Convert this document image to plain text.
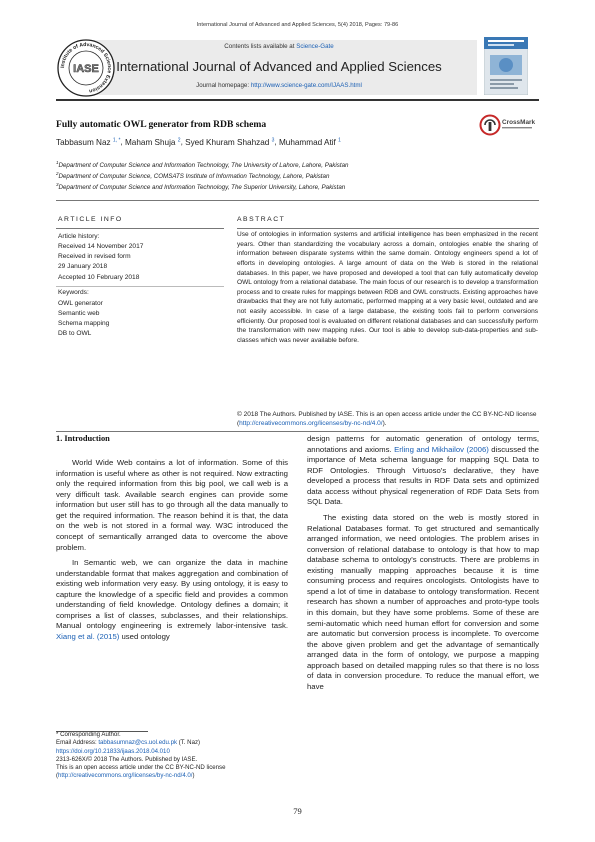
International Journal of Advanced and Applied Sciences, 5(4) 2018, Pages: 79-86
Institute of Advanced Science Extension
IASE
Contents lists available at Science-Gate
International Journal of Advanced and Applied Sciences
Journal homepage: http://www.science-gate.com/IJAAS.html
Fully automatic OWL generator from RDB schema	CrossMark
Tabbasum Naz $^{1, *}$, Maham Shuja $^2$, Syed Khuram Shahzad $^3$, Muhammad Atif $^1$
$^1$Department of Computer Science and Information Technology, The University of Lahore, Lahore, Pakistan
$^2$Department of Computer Science, COMSATS Institute of Information Technology, Lahore, Pakistan
$^3$Department of Computer Science and Information Technology, The Superior University, Lahore, Pakistan
ARTICLE INFO
Article history:
Received 14 November 2017
Received in revised form
29 January 2018
Accepted 10 February 2018
Keywords:
OWL generator
Semantic web
Schema mapping
DB to OWL
ABSTRACT
Use of ontologies in information systems and artificial intelligence has been emphasized in the recent years. Other than standardizing the vocabulary across a domain, ontologies enable the sharing of information between disparate systems within the same domain. Ontology engineers spend a lot of efforts in developing ontologies. A large amount of data on the Web is stored in the relational databases. In this paper, we have proposed and developed a tool that can fully automatically develop OWL ontology from a relational database. The main focus of our research is to develop a transformation process and to create rules for mappings between RDB and OWL constructs. Existing approaches have drawbacks that they are not fully automatic, performed mapping at a very basic level, outdated and are not easily accessible. In case of a large database, the existing tools fail to perform conversions efficiently. Our proposed tool is evaluated on different relational databases and can successfully perform the transformation with new mapping rules. Our tool is able to develop sub-data-properties and sub-classes which was never available before.
© 2018 The Authors. Published by IASE. This is an open access article under the CC BY-NC-ND license (http://creativecommons.org/licenses/by-nc-nd/4.0/).
1. Introduction

World Wide Web contains a lot of information. Some of this information is useful where as other is not required. Now extracting only the required information from this big pool, we call web is a very difficult task. Available search engines can provide some information but user still has to go through all the data manually to get the required information. The reason behind it is that, the data on the web is not stored in a formal way. W3C introduced the concept of semantically arranged data to overcome the above problem.

In Semantic web, we can organize the data in machine understandable format that makes aggregation and combination of existing web information very easy. By using ontology, it is easy to capture the knowledge of a specific field and provides a common understanding of field knowledge. Ontology defines a domain; it comprises a list of classes, subclasses, and their relationships. Manual ontology engineering is extremely labor-intensive task. Xiang et al. (2015) used ontology

design patterns for automatic generation of ontology terms, annotations and axioms. Erling and Mikhailov (2006) discussed the importance of Meta schema language for mapping SQL Data to RDF Ontologies. Through Virtuoso's declarative, they have developed a process that results in RDF Data sets and optimized data access without physical regeneration of RDF Data Sets from SQL Data.

The existing data stored on the web is mostly stored in Relational Databases format. To get structured and semantically arranged information, we need ontologies. The problem arises in conversion of relational database to ontology is that how to map database schema to ontology's constructs. There are problems in existing manually mapping approaches because it is time consuming process and requires oncologists. Ontologists have to spend a lot of time in database to ontology transformation. Recent research has shown a number of approaches and proto-type tools in this domain, but they have some problems. Some of these are semi-automatic which need human effort for conversion and some are automatic but conversion process is incomplete. To overcome the above given problem and get the advantage of semantically arranged data in the form of ontology, we purpose a mapping approach based on detailed mapping rules so that there is no loss of data in conversion procedure. To reduce the manual effort, we have

* Corresponding Author.
Email Address: tabbasumnaz@cs.uol.edu.pk (T. Naz)
https://doi.org/10.21833/ijaas.2018.04.010
2313-626X/© 2018 The Authors. Published by IASE.
This is an open access article under the CC BY-NC-ND license
(http://creativecommons.org/licenses/by-nc-nd/4.0/)
79
